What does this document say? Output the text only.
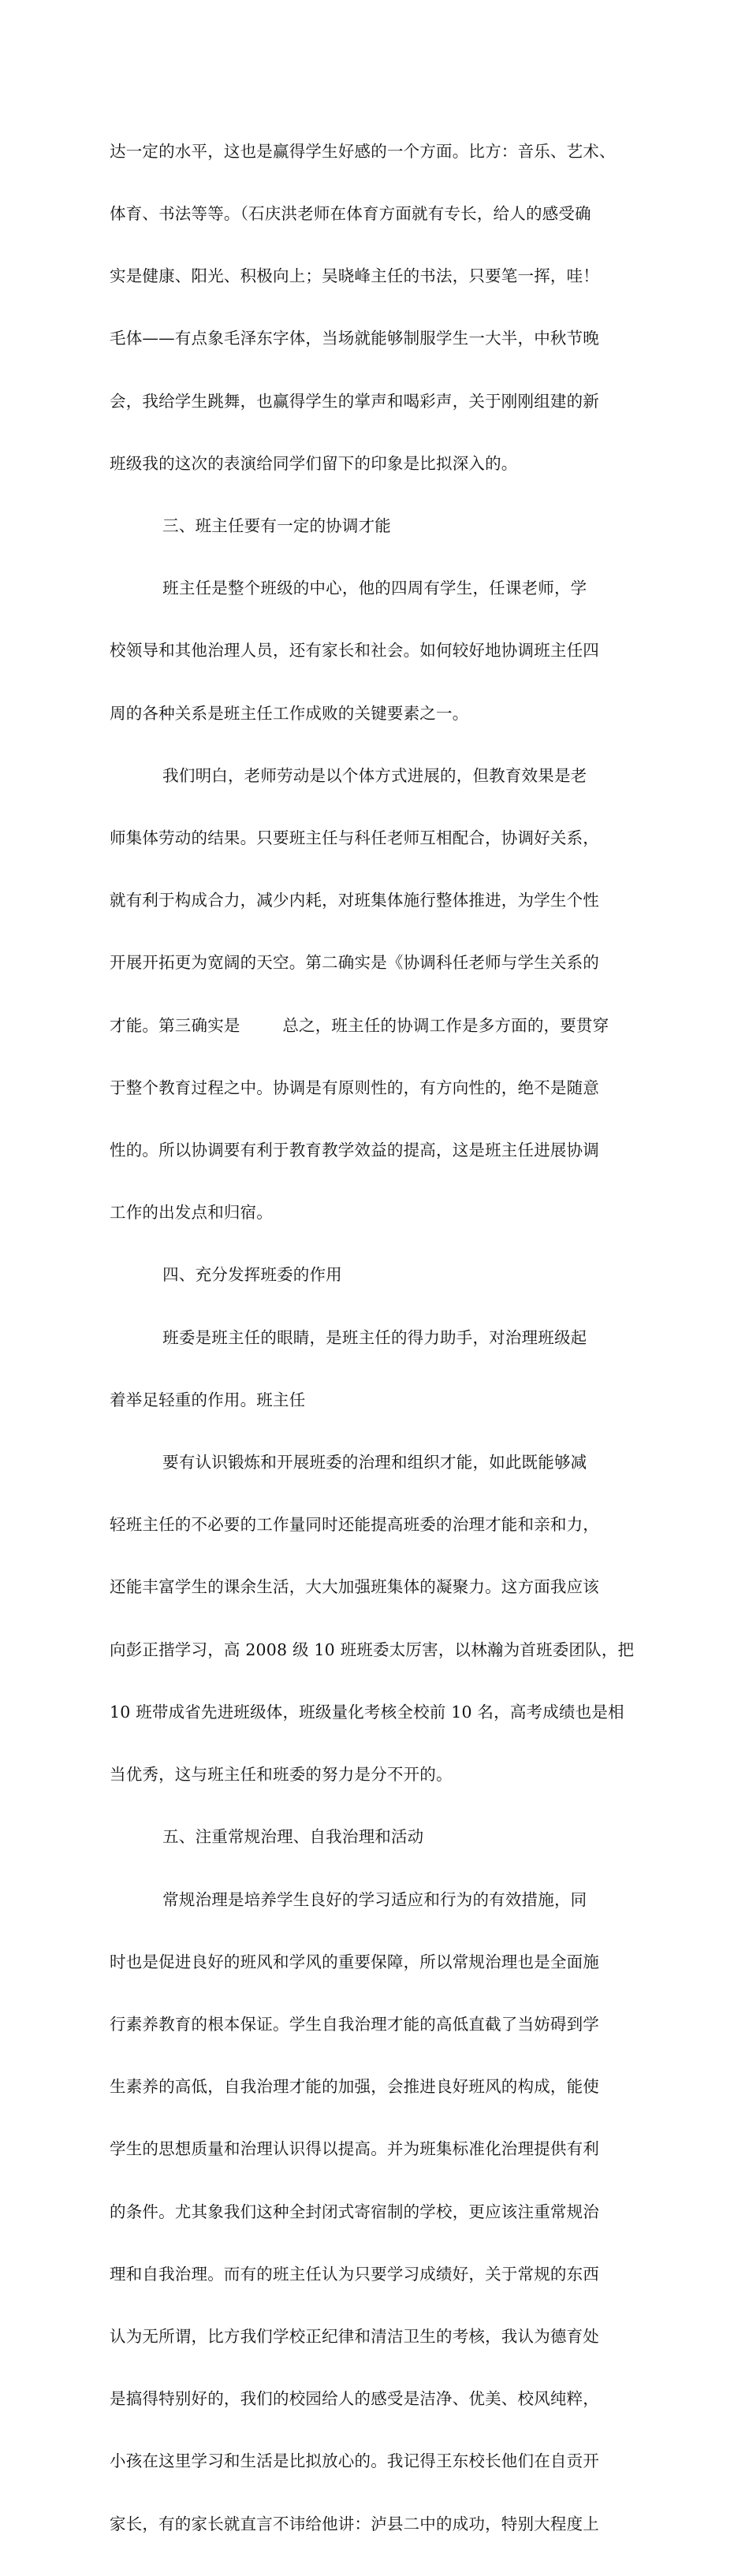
达一定的水平，这也是赢得学生好感的一个方面。比方：音乐、艺术、

体育、书法等等。（石庆洪老师在体育方面就有专长，给人的感受确

实是健康、阳光、积极向上；吴晓峰主任的书法，只要笔一挥，哇！

毛体——有点象毛泽东字体，当场就能够制服学生一大半，中秋节晚

会，我给学生跳舞，也赢得学生的掌声和喝彩声，关于刚刚组建的新

班级我的这次的表演给同学们留下的印象是比拟深入的。

三、班主任要有一定的协调才能

班主任是整个班级的中心，他的四周有学生，任课老师，学

校领导和其他治理人员，还有家长和社会。如何较好地协调班主任四

周的各种关系是班主任工作成败的关键要素之一。

我们明白，老师劳动是以个体方式进展的，但教育效果是老

师集体劳动的结果。只要班主任与科任老师互相配合，协调好关系，

就有利于构成合力，减少内耗，对班集体施行整体推进，为学生个性

开展开拓更为宽阔的天空。第二确实是《协调科任老师与学生关系的

才能。第三确实是        总之，班主任的协调工作是多方面的，要贯穿

于整个教育过程之中。协调是有原则性的，有方向性的，绝不是随意

性的。所以协调要有利于教育教学效益的提高，这是班主任进展协调

工作的出发点和归宿。

四、充分发挥班委的作用

班委是班主任的眼睛，是班主任的得力助手，对治理班级起

着举足轻重的作用。班主任

要有认识锻炼和开展班委的治理和组织才能，如此既能够减

轻班主任的不必要的工作量同时还能提高班委的治理才能和亲和力，

还能丰富学生的课余生活，大大加强班集体的凝聚力。这方面我应该

向彭正揩学习，高 2008 级 10 班班委太厉害，以林瀚为首班委团队，把

10 班带成省先进班级体，班级量化考核全校前 10 名，高考成绩也是相

当优秀，这与班主任和班委的努力是分不开的。

五、注重常规治理、自我治理和活动

常规治理是培养学生良好的学习适应和行为的有效措施，同

时也是促进良好的班风和学风的重要保障，所以常规治理也是全面施

行素养教育的根本保证。学生自我治理才能的高低直截了当妨碍到学

生素养的高低，自我治理才能的加强，会推进良好班风的构成，能使

学生的思想质量和治理认识得以提高。并为班集标准化治理提供有利

的条件。尤其象我们这种全封闭式寄宿制的学校，更应该注重常规治

理和自我治理。而有的班主任认为只要学习成绩好，关于常规的东西

认为无所谓，比方我们学校正纪律和清洁卫生的考核，我认为德育处

是搞得特别好的，我们的校园给人的感受是洁净、优美、校风纯粹，

小孩在这里学习和生活是比拟放心的。我记得王东校长他们在自贡开

家长，有的家长就直言不讳给他讲：泸县二中的成功，特别大程度上
